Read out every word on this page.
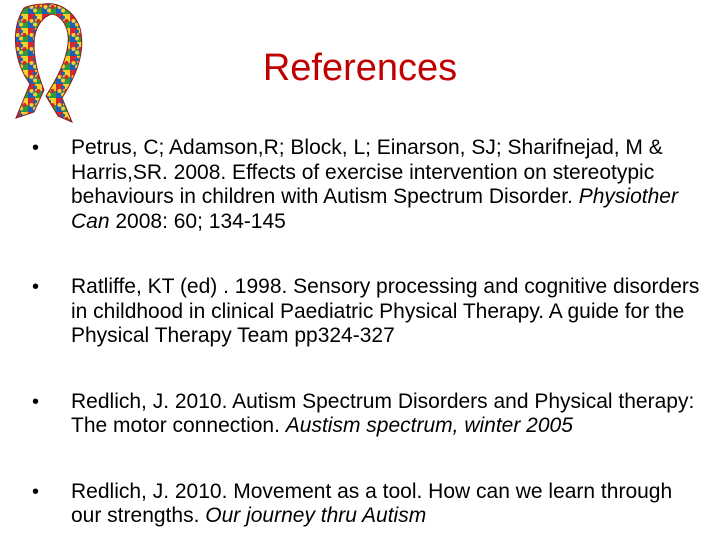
References
• Petrus, C; Adamson,R; Block, L; Einarson, SJ; Sharifnejad, M & Harris,SR. 2008. Effects of exercise intervention on stereotypic behaviours in children with Autism Spectrum Disorder. Physiother Can 2008: 60; 134-145
• Ratliffe, KT (ed) . 1998. Sensory processing and cognitive disorders in childhood in clinical Paediatric Physical Therapy. A guide for the Physical Therapy Team pp324-327
• Redlich, J. 2010. Autism Spectrum Disorders and Physical therapy: The motor connection. Austism spectrum, winter 2005
• Redlich, J. 2010. Movement as a tool. How can we learn through our strengths. Our journey thru Autism
